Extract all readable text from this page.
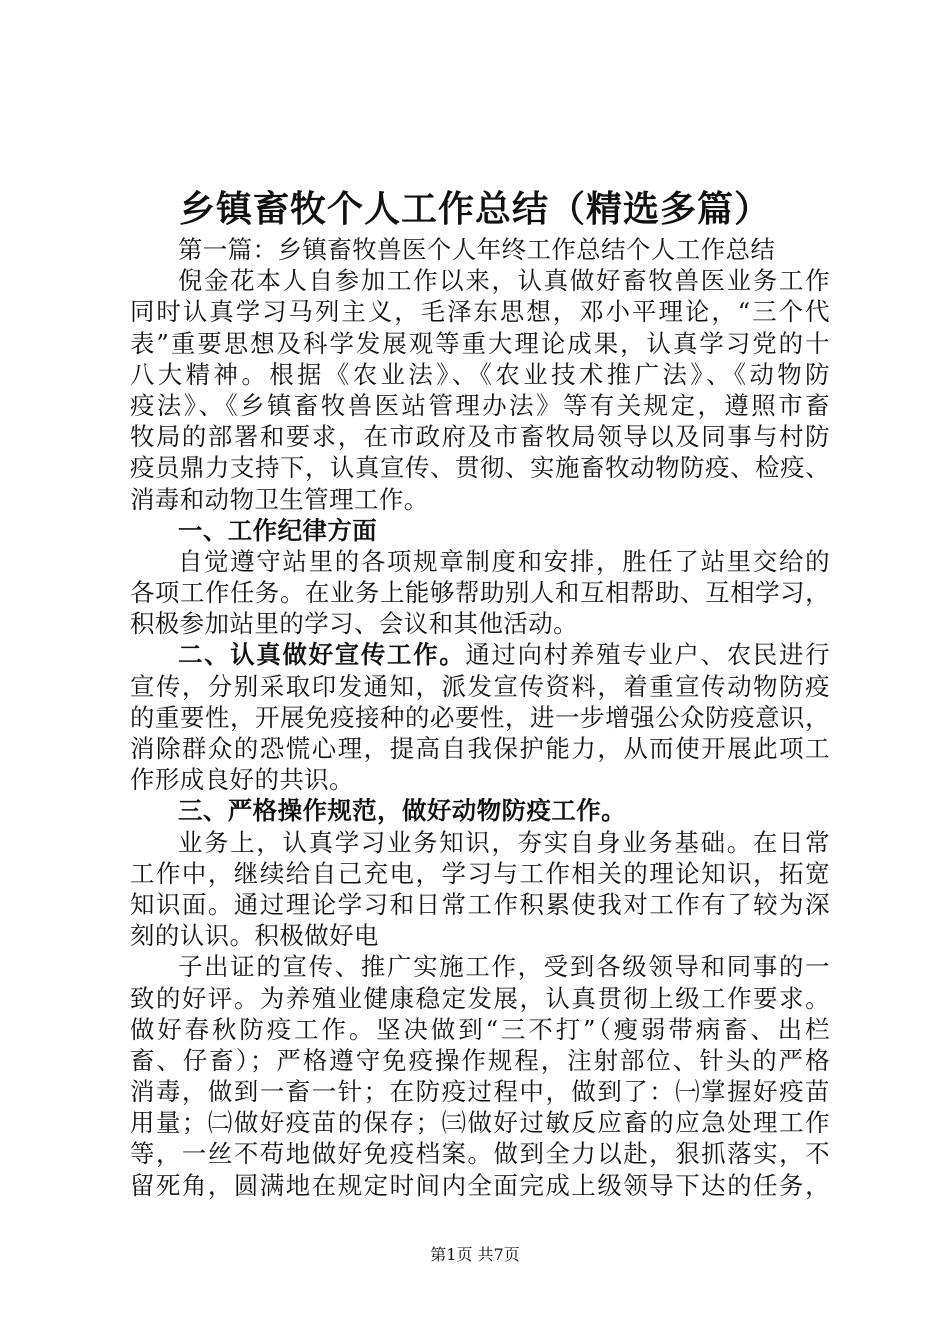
乡镇畜牧个人工作总结（精选多篇）
第一篇：乡镇畜牧兽医个人年终工作总结个人工作总结
倪金花本人自参加工作以来，认真做好畜牧兽医业务工作
同时认真学习马列主义，毛泽东思想，邓小平理论，“三个代
表”重要思想及科学发展观等重大理论成果，认真学习党的十
八大精神。根据《农业法》、《农业技术推广法》、《动物防
疫法》、《乡镇畜牧兽医站管理办法》等有关规定，遵照市畜
牧局的部署和要求，在市政府及市畜牧局领导以及同事与村防
疫员鼎力支持下，认真宣传、贯彻、实施畜牧动物防疫、检疫、
消毒和动物卫生管理工作。
一、工作纪律方面
自觉遵守站里的各项规章制度和安排，胜任了站里交给的
各项工作任务。在业务上能够帮助别人和互相帮助、互相学习，
积极参加站里的学习、会议和其他活动。
二、认真做好宣传工作。通过向村养殖专业户、农民进行
宣传，分别采取印发通知，派发宣传资料，着重宣传动物防疫
的重要性，开展免疫接种的必要性，进一步增强公众防疫意识，
消除群众的恐慌心理，提高自我保护能力，从而使开展此项工
作形成良好的共识。
三、严格操作规范，做好动物防疫工作。
业务上，认真学习业务知识，夯实自身业务基础。在日常
工作中，继续给自己充电，学习与工作相关的理论知识，拓宽
知识面。通过理论学习和日常工作积累使我对工作有了较为深
刻的认识。积极做好电
子出证的宣传、推广实施工作，受到各级领导和同事的一
致的好评。为养殖业健康稳定发展，认真贯彻上级工作要求。
做好春秋防疫工作。坚决做到“三不打”（瘦弱带病畜、出栏
畜、仔畜）；严格遵守免疫操作规程，注射部位、针头的严格
消毒，做到一畜一针；在防疫过程中，做到了：㈠掌握好疫苗
用量；㈡做好疫苗的保存；㈢做好过敏反应畜的应急处理工作
等，一丝不苟地做好免疫档案。做到全力以赴，狠抓落实，不
留死角，圆满地在规定时间内全面完成上级领导下达的任务，
第1页 共7页
